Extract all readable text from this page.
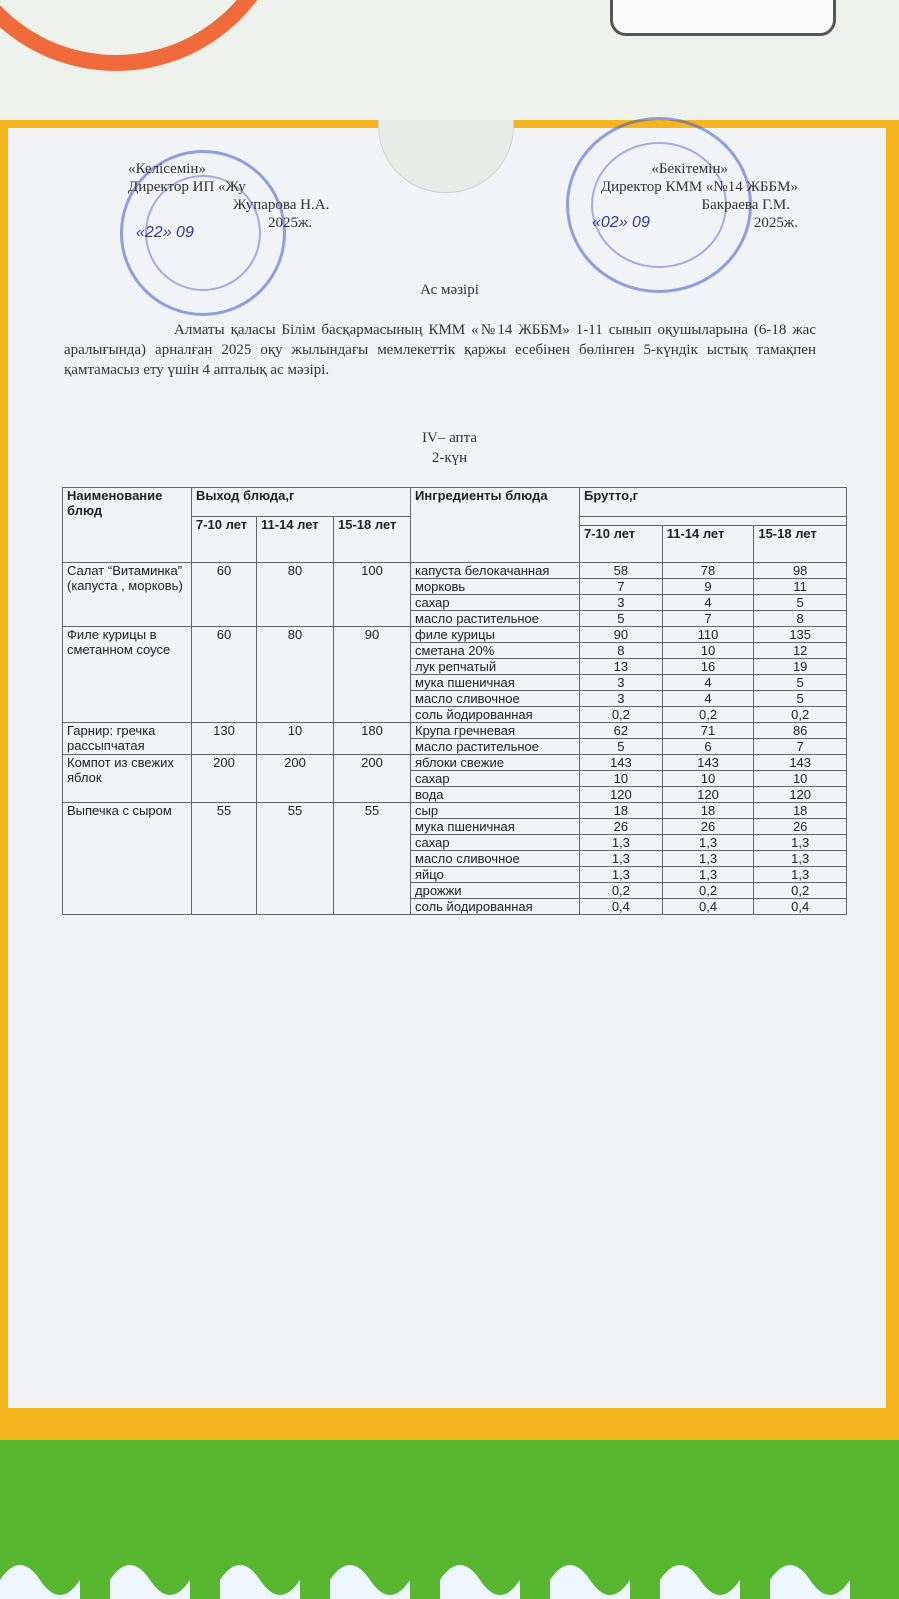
«Келісемін»
Директор ИП «Жу
Жупарова Н.А.
2025ж.
«22» 09
«Бекітемін»
Директор КММ «№14 ЖББМ»
Бакраева Г.М.
2025ж.
«02» 09
Ас мәзірі
Алматы қаласы Білім басқармасының КММ «№14 ЖББМ» 1-11 сынып оқушыларына (6-18 жас аралығында) арналған 2025 оқу жылындағы мемлекеттік қаржы есебінен бөлінген 5-күндік ыстық тамақпен қамтамасыз ету үшін 4 апталық ас мәзірі.
IV– апта
2-күн
Наименование блюд	Выход блюда,г			Ингредиенты блюда	Брутто,г		
	7-10 лет	11-14 лет	15-18 лет				
					7-10 лет	11-14 лет	15-18 лет
Салат “Витаминка” (капуста , морковь)	60	80	100	капуста белокачанная	58	78	98
				морковь	7	9	11
				сахар	3	4	5
				масло растительное	5	7	8
Филе курицы в сметанном соусе	60	80	90	филе курицы	90	110	135
				сметана 20%	8	10	12
				лук репчатый	13	16	19
				мука пшеничная	3	4	5
				масло сливочное	3	4	5
				соль йодированная	0,2	0,2	0,2
Гарнир: гречка рассыпчатая	130	10	180	Крупа гречневая	62	71	86
				масло растительное	5	6	7
Компот из свежих яблок	200	200	200	яблоки свежие	143	143	143
				сахар	10	10	10
				вода	120	120	120
Выпечка с сыром	55	55	55	сыр	18	18	18
				мука пшеничная	26	26	26
				сахар	1,3	1,3	1,3
				масло сливочное	1,3	1,3	1,3
				яйцо	1,3	1,3	1,3
				дрожжи	0,2	0,2	0,2
				соль йодированная	0,4	0,4	0,4
